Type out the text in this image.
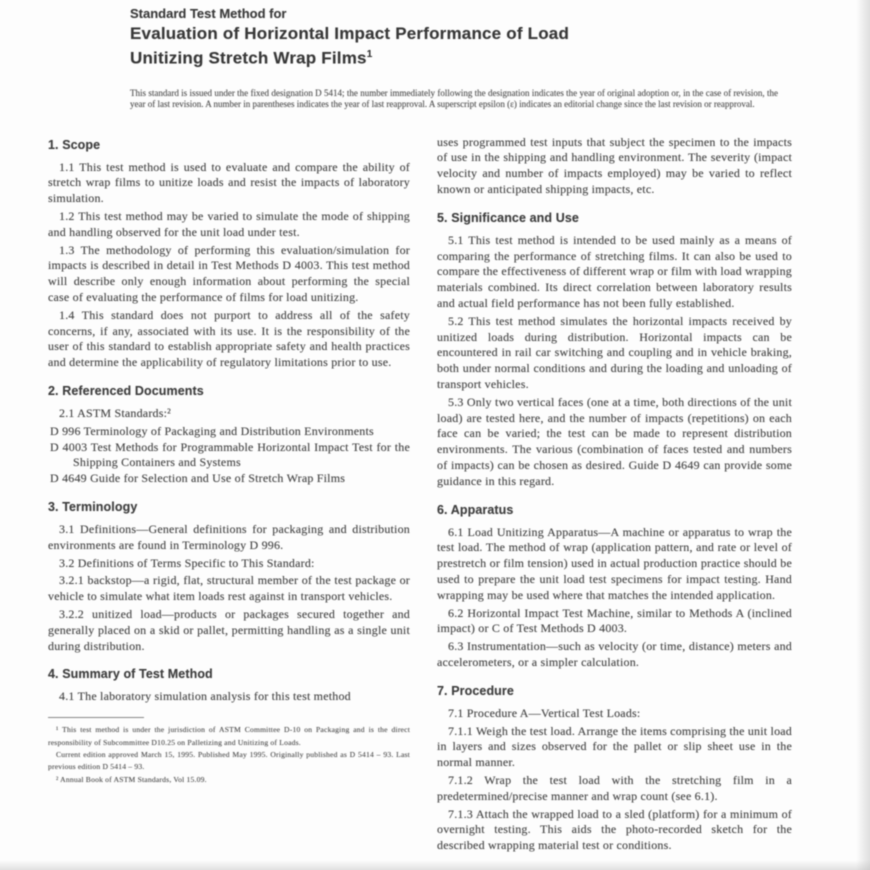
Standard Test Method for

Evaluation of Horizontal Impact Performance of Load
Unitizing Stretch Wrap Films$^1$

This standard is issued under the fixed designation D 5414; the number immediately following the designation indicates the year of original adoption or, in the case of revision, the year of last revision. A number in parentheses indicates the year of last reapproval. A superscript epsilon (ε) indicates an editorial change since the last revision or reapproval.

1. Scope

1.1 This test method is used to evaluate and compare the ability of stretch wrap films to unitize loads and resist the impacts of laboratory simulation.

1.2 This test method may be varied to simulate the mode of shipping and handling observed for the unit load under test.

1.3 The methodology of performing this evaluation/simulation for impacts is described in detail in Test Methods D 4003. This test method will describe only enough information about performing the special case of evaluating the performance of films for load unitizing.

1.4 This standard does not purport to address all of the safety concerns, if any, associated with its use. It is the responsibility of the user of this standard to establish appropriate safety and health practices and determine the applicability of regulatory limitations prior to use.

2. Referenced Documents

2.1 ASTM Standards:²

D 996 Terminology of Packaging and Distribution Environments

D 4003 Test Methods for Programmable Horizontal Impact Test for the Shipping Containers and Systems

D 4649 Guide for Selection and Use of Stretch Wrap Films

3. Terminology

3.1 Definitions—General definitions for packaging and distribution environments are found in Terminology D 996.

3.2 Definitions of Terms Specific to This Standard:

3.2.1 backstop—a rigid, flat, structural member of the test package or vehicle to simulate what item loads rest against in transport vehicles.

3.2.2 unitized load—products or packages secured together and generally placed on a skid or pallet, permitting handling as a single unit during distribution.

4. Summary of Test Method

4.1 The laboratory simulation analysis for this test method

¹ This test method is under the jurisdiction of ASTM Committee D-10 on Packaging and is the direct responsibility of Subcommittee D10.25 on Palletizing and Unitizing of Loads.

Current edition approved March 15, 1995. Published May 1995. Originally published as D 5414 – 93. Last previous edition D 5414 – 93.

² Annual Book of ASTM Standards, Vol 15.09.

uses programmed test inputs that subject the specimen to the impacts of use in the shipping and handling environment. The severity (impact velocity and number of impacts employed) may be varied to reflect known or anticipated shipping impacts, etc.

5. Significance and Use

5.1 This test method is intended to be used mainly as a means of comparing the performance of stretching films. It can also be used to compare the effectiveness of different wrap or film with load wrapping materials combined. Its direct correlation between laboratory results and actual field performance has not been fully established.

5.2 This test method simulates the horizontal impacts received by unitized loads during distribution. Horizontal impacts can be encountered in rail car switching and coupling and in vehicle braking, both under normal conditions and during the loading and unloading of transport vehicles.

5.3 Only two vertical faces (one at a time, both directions of the unit load) are tested here, and the number of impacts (repetitions) on each face can be varied; the test can be made to represent distribution environments. The various (combination of faces tested and numbers of impacts) can be chosen as desired. Guide D 4649 can provide some guidance in this regard.

6. Apparatus

6.1 Load Unitizing Apparatus—A machine or apparatus to wrap the test load. The method of wrap (application pattern, and rate or level of prestretch or film tension) used in actual production practice should be used to prepare the unit load test specimens for impact testing. Hand wrapping may be used where that matches the intended application.

6.2 Horizontal Impact Test Machine, similar to Methods A (inclined impact) or C of Test Methods D 4003.

6.3 Instrumentation—such as velocity (or time, distance) meters and accelerometers, or a simpler calculation.

7. Procedure

7.1 Procedure A—Vertical Test Loads:

7.1.1 Weigh the test load. Arrange the items comprising the unit load in layers and sizes observed for the pallet or slip sheet use in the normal manner.

7.1.2 Wrap the test load with the stretching film in a predetermined/precise manner and wrap count (see 6.1).

7.1.3 Attach the wrapped load to a sled (platform) for a minimum of overnight testing. This aids the photo-recorded sketch for the described wrapping material test or conditions.
